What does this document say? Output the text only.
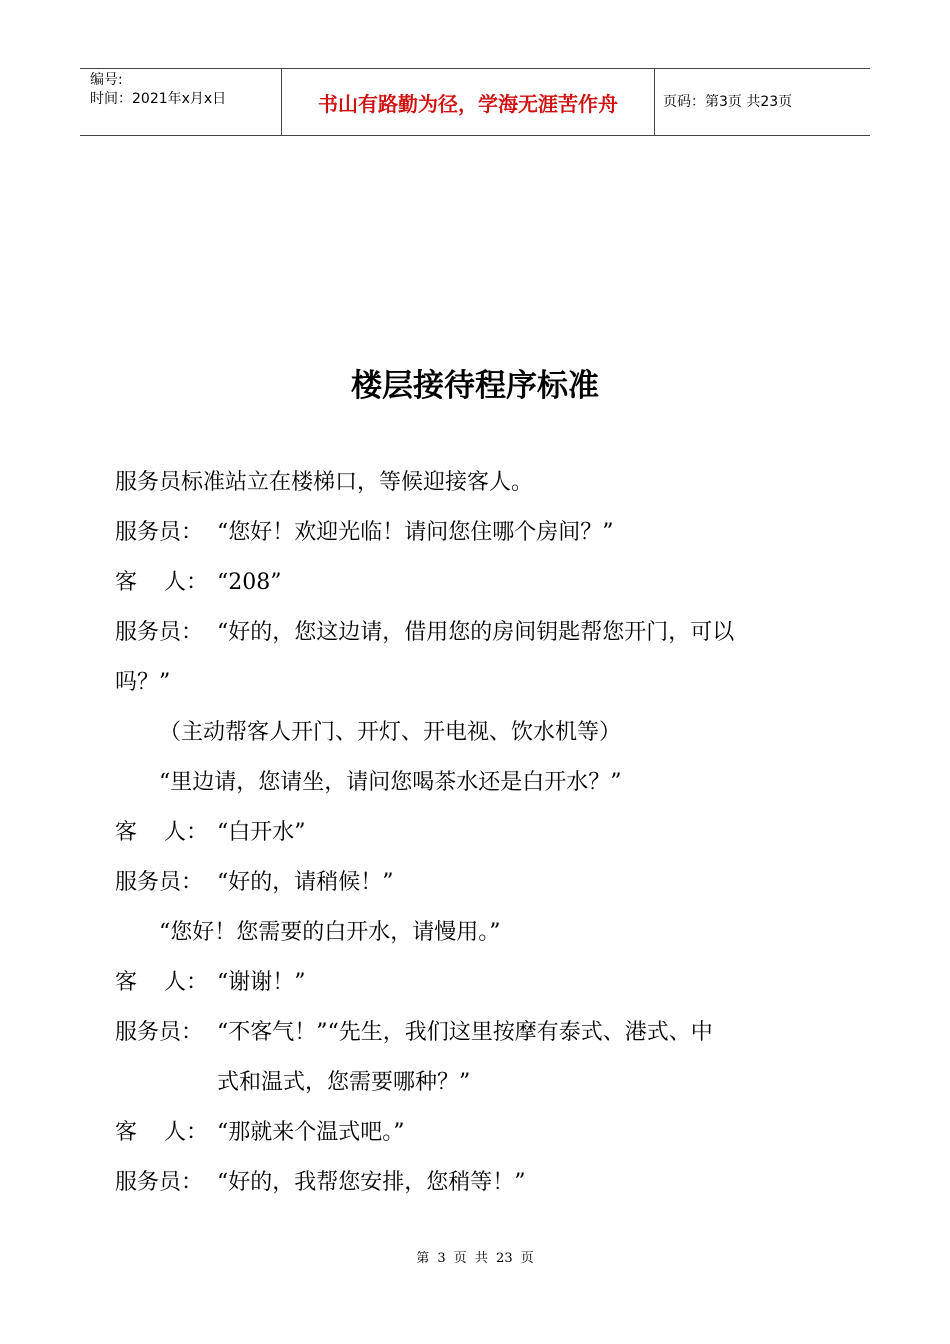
编号:
时间：2021年x月x日	书山有路勤为径，学海无涯苦作舟	页码：第3页 共23页
楼层接待程序标准
服务员标准站立在楼梯口，等候迎接客人。
服务员： “您好！欢迎光临！请问您住哪个房间？”
客 人： “208”
服务员： “好的，您这边请，借用您的房间钥匙帮您开门，可以
吗？”
（主动帮客人开门、开灯、开电视、饮水机等）
“里边请，您请坐，请问您喝茶水还是白开水？”
客 人： “白开水”
服务员： “好的，请稍候！”
“您好！您需要的白开水，请慢用。”
客 人： “谢谢！”
服务员： “不客气！”“先生，我们这里按摩有泰式、港式、中
式和温式，您需要哪种？”
客 人： “那就来个温式吧。”
服务员： “好的，我帮您安排，您稍等！”
第 3 页 共 23 页
